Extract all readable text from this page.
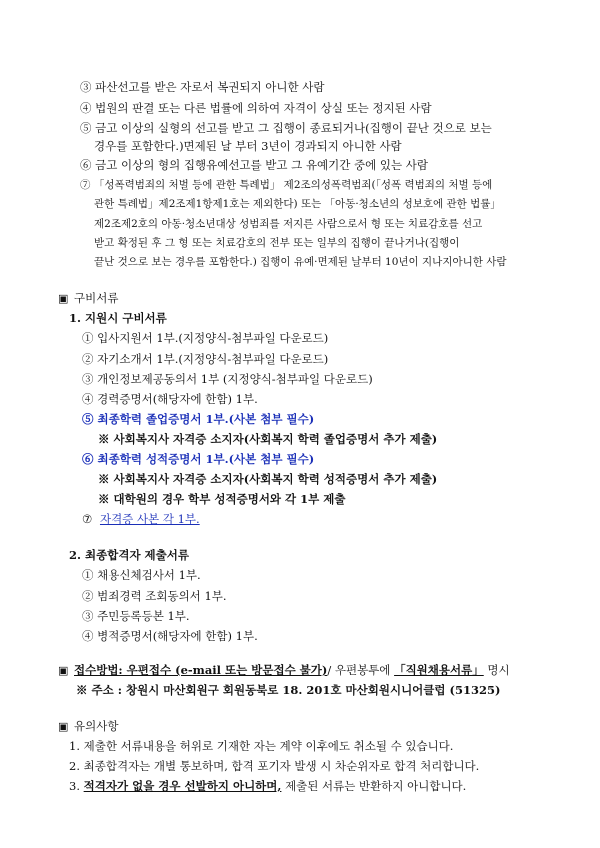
③ 파산선고를 받은 자로서 복권되지 아니한 사람
④ 법원의 판결 또는 다른 법률에 의하여 자격이 상실 또는 정지된 사람
⑤ 금고 이상의 실형의 선고를 받고 그 집행이 종료되거나(집행이 끝난 것으로 보는
경우를 포함한다.)면제된 날 부터 3년이 경과되지 아니한 사람
⑥ 금고 이상의 형의 집행유예선고를 받고 그 유예기간 중에 있는 사람
⑦ 「성폭력범죄의 처벌 등에 관한 특례법」 제2조의성폭력범죄(「성폭 력범죄의 처벌 등에
관한 특례법」제2조제1항제1호는 제외한다) 또는 「아동·청소년의 성보호에 관한 법률」
제2조제2호의 아동·청소년대상 성범죄를 저지른 사람으로서 형 또는 치료감호를 선고
받고 확정된 후 그 형 또는 치료감호의 전부 또는 일부의 집행이 끝나거나(집행이
끝난 것으로 보는 경우를 포함한다.) 집행이 유예·면제된 날부터 10년이 지나지아니한 사람
▣ 구비서류
1. 지원시 구비서류
① 입사지원서 1부.(지정양식-첨부파일 다운로드)
② 자기소개서 1부.(지정양식-첨부파일 다운로드)
③ 개인정보제공동의서 1부 (지정양식-첨부파일 다운로드)
④ 경력증명서(해당자에 한함) 1부.
⑤ 최종학력 졸업증명서 1부.(사본 첨부 필수)
※ 사회복지사 자격증 소지자(사회복지 학력 졸업증명서 추가 제출)
⑥ 최종학력 성적증명서 1부.(사본 첨부 필수)
※ 사회복지사 자격증 소지자(사회복지 학력 성적증명서 추가 제출)
※ 대학원의 경우 학부 성적증명서와 각 1부 제출
⑦ 자격증 사본 각 1부.
2. 최종합격자 제출서류
① 채용신체검사서 1부.
② 범죄경력 조회동의서 1부.
③ 주민등록등본 1부.
④ 병적증명서(해당자에 한함) 1부.
▣ 접수방법: 우편접수 (e-mail 또는 방문접수 불가)/ 우편봉투에 「직원채용서류」 명시
※ 주소 : 창원시 마산회원구 회원동북로 18. 201호 마산회원시니어클럽 (51325)
▣ 유의사항
1. 제출한 서류내용을 허위로 기재한 자는 계약 이후에도 취소될 수 있습니다.
2. 최종합격자는 개별 통보하며, 합격 포기자 발생 시 차순위자로 합격 처리합니다.
3. 적격자가 없을 경우 선발하지 아니하며, 제출된 서류는 반환하지 아니합니다.
